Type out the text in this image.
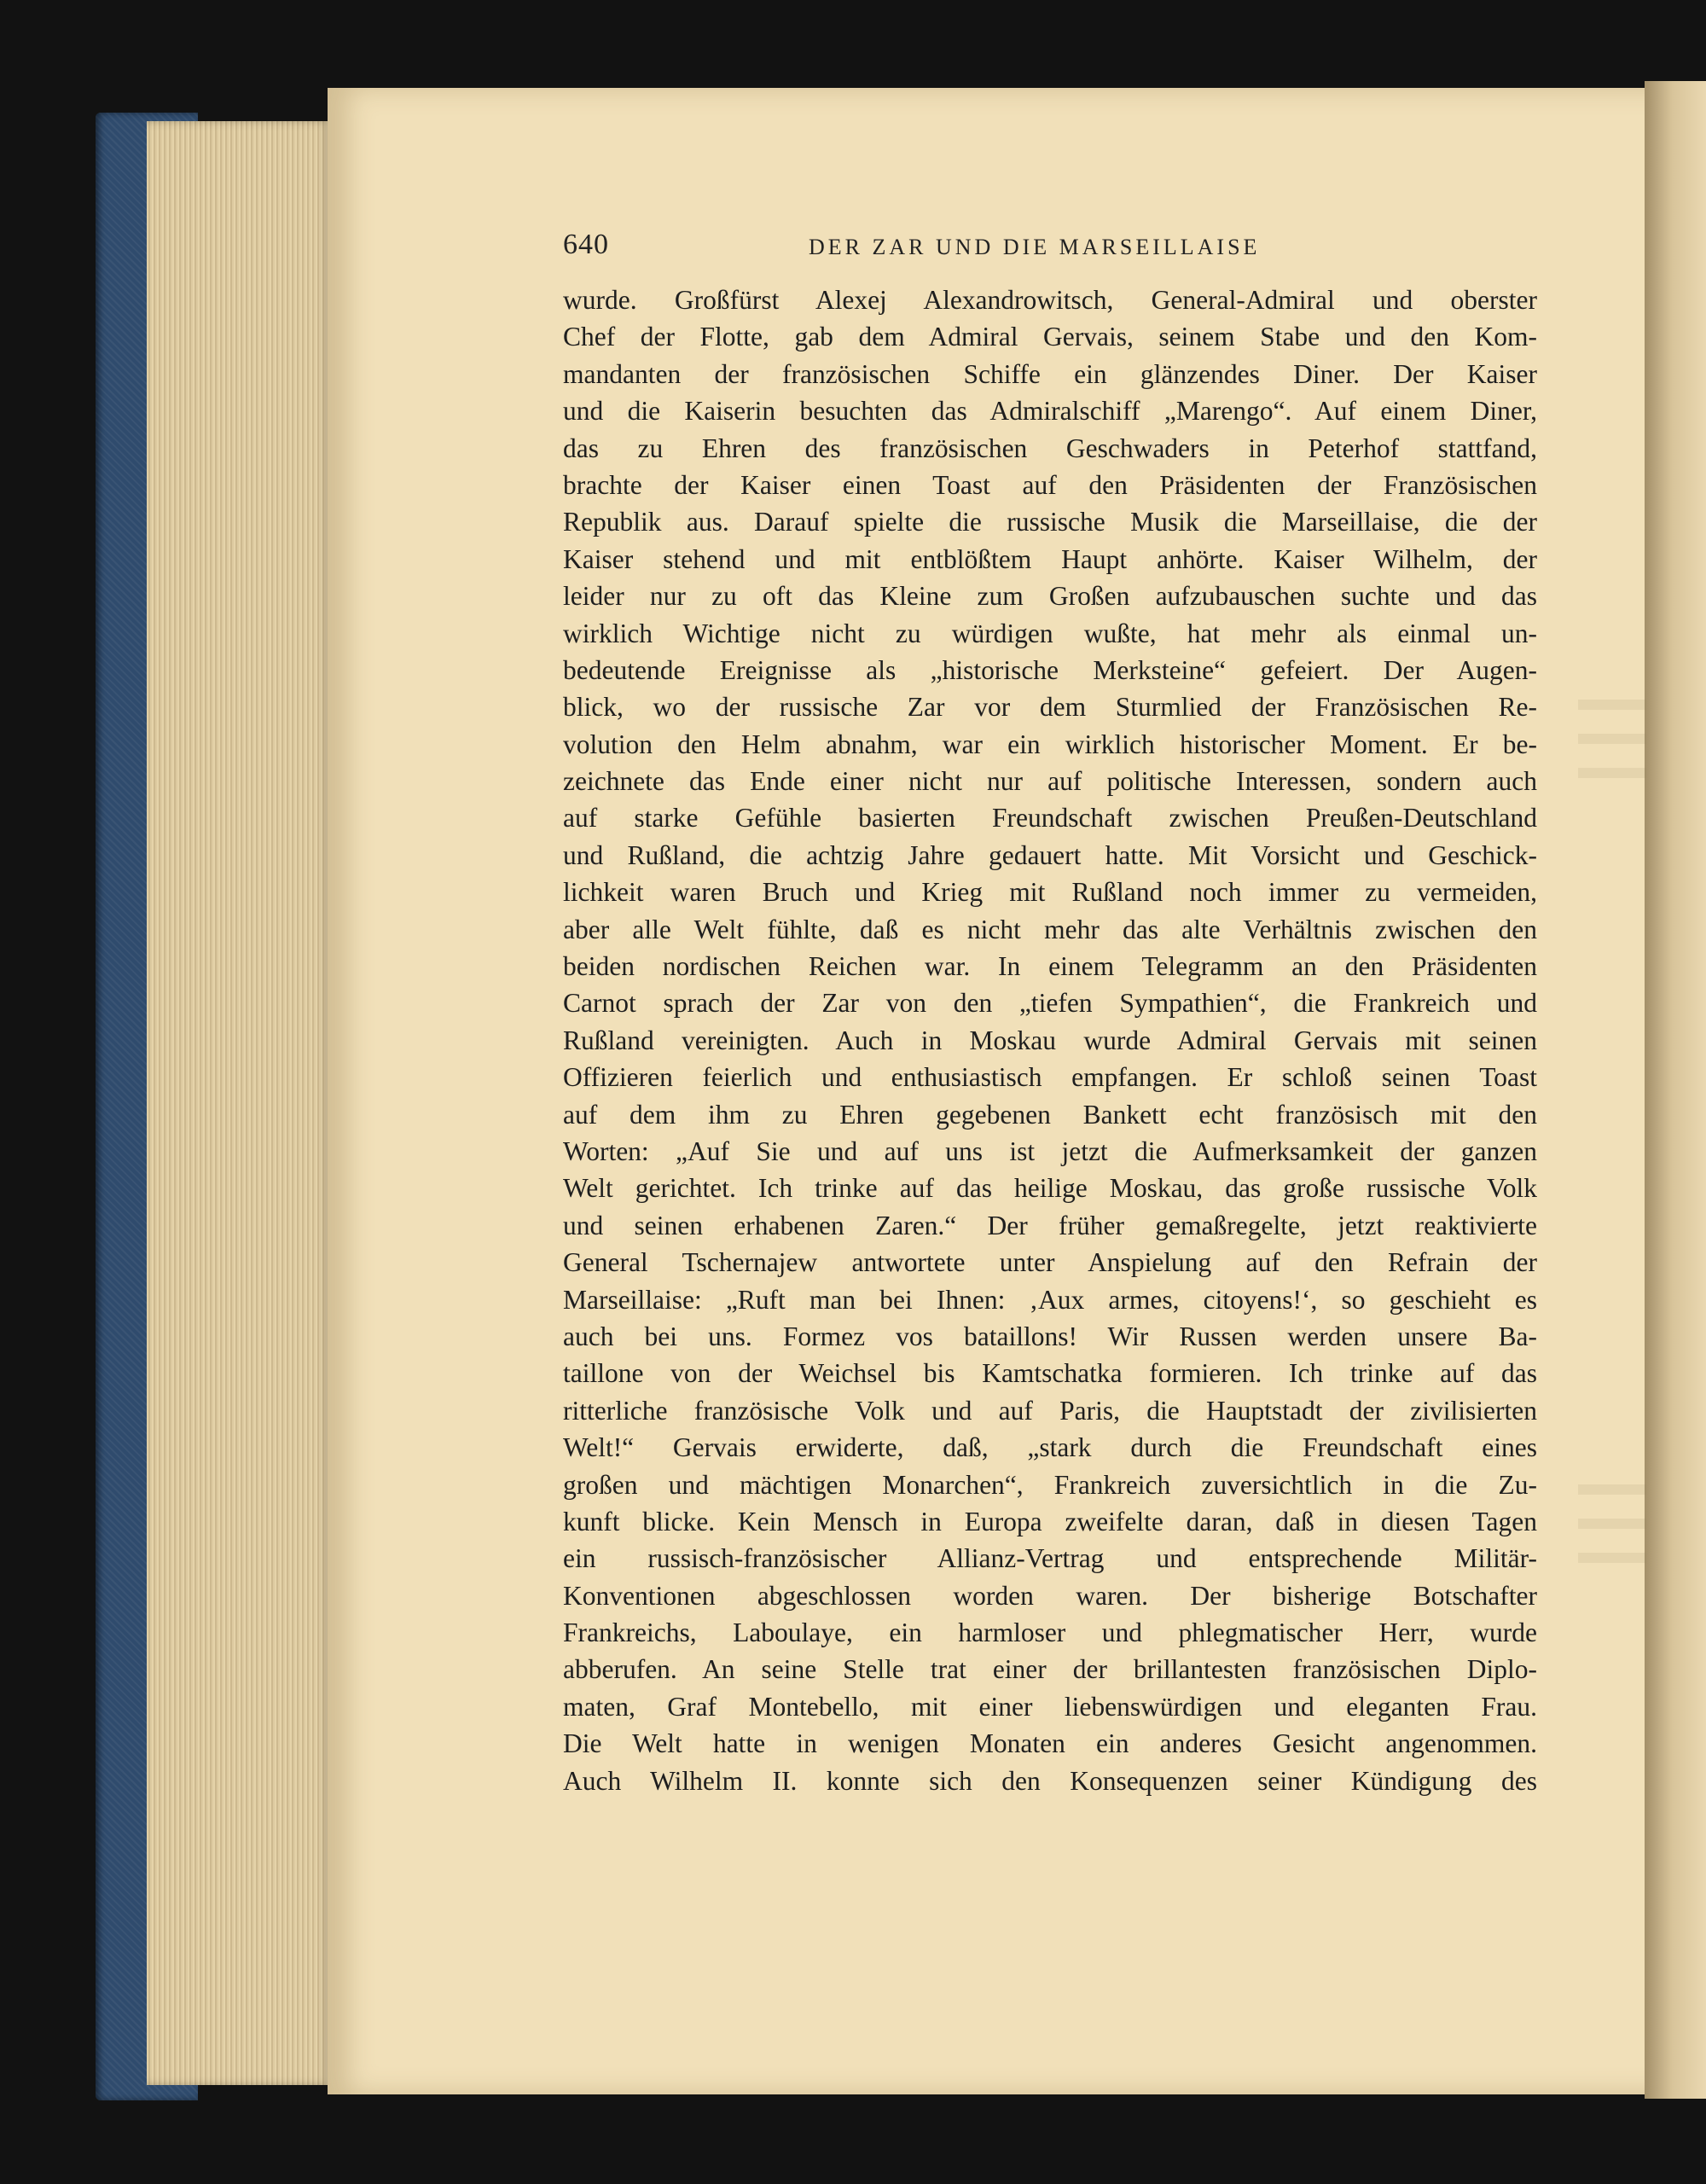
640	DER ZAR UND DIE MARSEILLAISE
wurde. Großfürst Alexej Alexandrowitsch, General-Admiral und oberster
Chef der Flotte, gab dem Admiral Gervais, seinem Stabe und den Kom-
mandanten der französischen Schiffe ein glänzendes Diner. Der Kaiser
und die Kaiserin besuchten das Admiralschiff „Marengo“. Auf einem Diner,
das zu Ehren des französischen Geschwaders in Peterhof stattfand,
brachte der Kaiser einen Toast auf den Präsidenten der Französischen
Republik aus. Darauf spielte die russische Musik die Marseillaise, die der
Kaiser stehend und mit entblößtem Haupt anhörte. Kaiser Wilhelm, der
leider nur zu oft das Kleine zum Großen aufzubauschen suchte und das
wirklich Wichtige nicht zu würdigen wußte, hat mehr als einmal un-
bedeutende Ereignisse als „historische Merksteine“ gefeiert. Der Augen-
blick, wo der russische Zar vor dem Sturmlied der Französischen Re-
volution den Helm abnahm, war ein wirklich historischer Moment. Er be-
zeichnete das Ende einer nicht nur auf politische Interessen, sondern auch
auf starke Gefühle basierten Freundschaft zwischen Preußen-Deutschland
und Rußland, die achtzig Jahre gedauert hatte. Mit Vorsicht und Geschick-
lichkeit waren Bruch und Krieg mit Rußland noch immer zu vermeiden,
aber alle Welt fühlte, daß es nicht mehr das alte Verhältnis zwischen den
beiden nordischen Reichen war. In einem Telegramm an den Präsidenten
Carnot sprach der Zar von den „tiefen Sympathien“, die Frankreich und
Rußland vereinigten. Auch in Moskau wurde Admiral Gervais mit seinen
Offizieren feierlich und enthusiastisch empfangen. Er schloß seinen Toast
auf dem ihm zu Ehren gegebenen Bankett echt französisch mit den
Worten: „Auf Sie und auf uns ist jetzt die Aufmerksamkeit der ganzen
Welt gerichtet. Ich trinke auf das heilige Moskau, das große russische Volk
und seinen erhabenen Zaren.“ Der früher gemaßregelte, jetzt reaktivierte
General Tschernajew antwortete unter Anspielung auf den Refrain der
Marseillaise: „Ruft man bei Ihnen: ‚Aux armes, citoyens!‘, so geschieht es
auch bei uns. Formez vos bataillons! Wir Russen werden unsere Ba-
taillone von der Weichsel bis Kamtschatka formieren. Ich trinke auf das
ritterliche französische Volk und auf Paris, die Hauptstadt der zivilisierten
Welt!“ Gervais erwiderte, daß, „stark durch die Freundschaft eines
großen und mächtigen Monarchen“, Frankreich zuversichtlich in die Zu-
kunft blicke. Kein Mensch in Europa zweifelte daran, daß in diesen Tagen
ein russisch-französischer Allianz-Vertrag und entsprechende Militär-
Konventionen abgeschlossen worden waren. Der bisherige Botschafter
Frankreichs, Laboulaye, ein harmloser und phlegmatischer Herr, wurde
abberufen. An seine Stelle trat einer der brillantesten französischen Diplo-
maten, Graf Montebello, mit einer liebenswürdigen und eleganten Frau.
Die Welt hatte in wenigen Monaten ein anderes Gesicht angenommen.
Auch Wilhelm II. konnte sich den Konsequenzen seiner Kündigung des
